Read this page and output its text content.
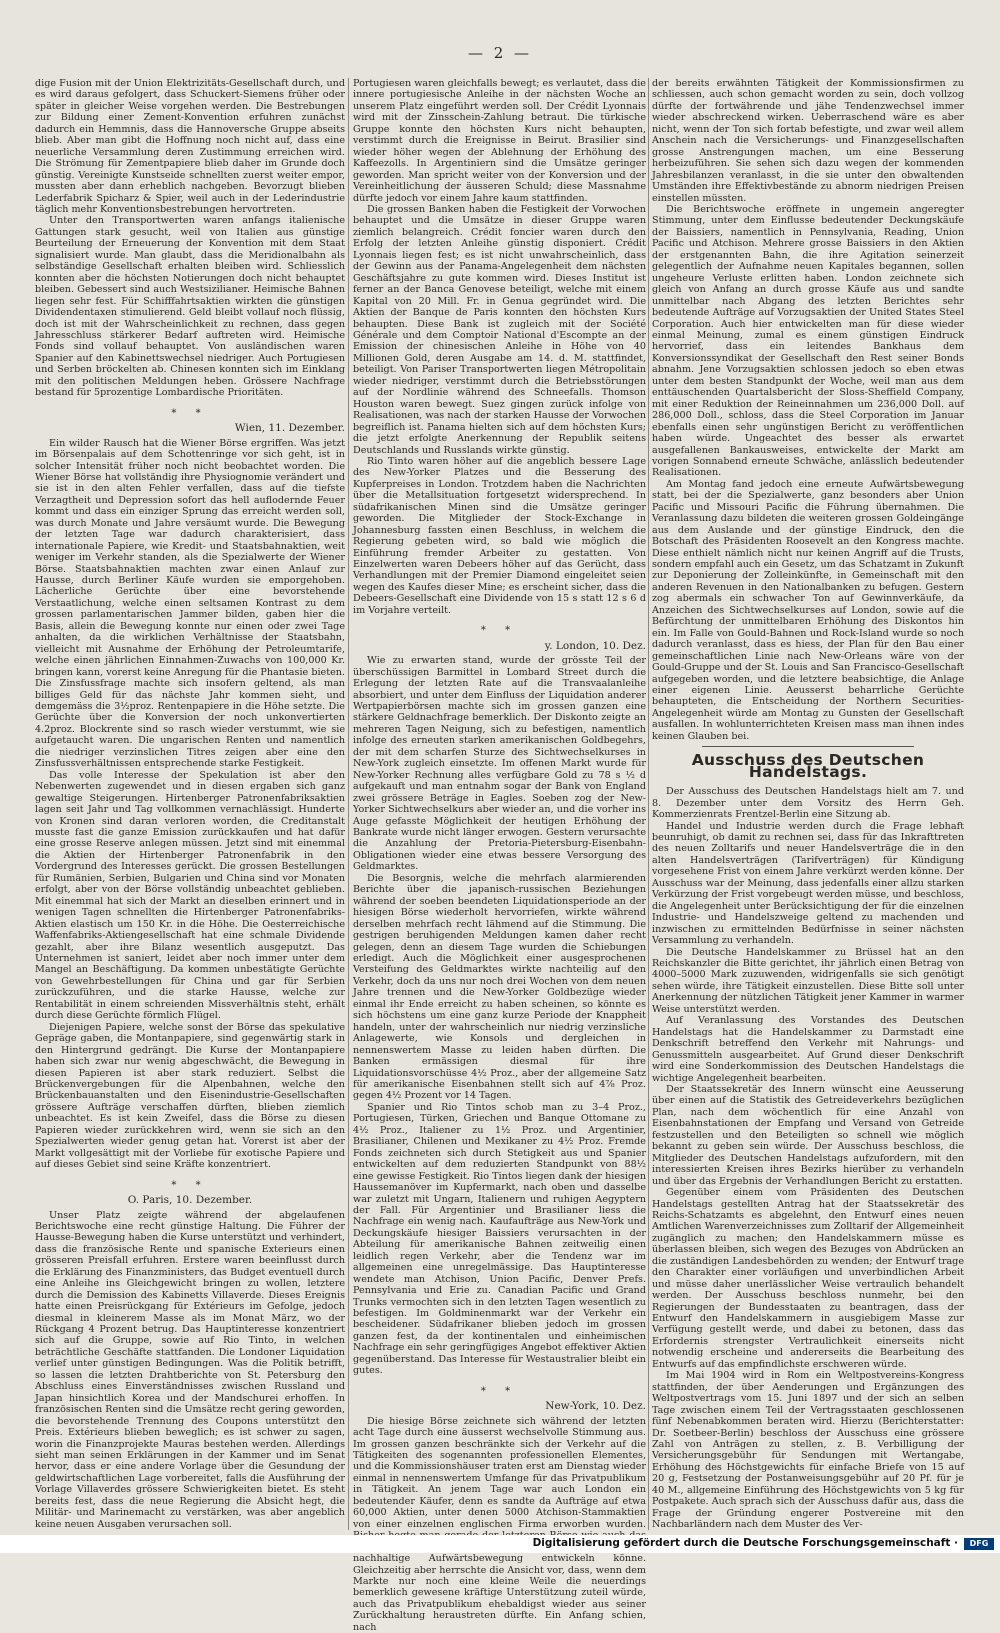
— 2 —

dige Fusion mit der Union Elektrizitäts-Gesellschaft durch, und es wird daraus gefolgert, dass Schuckert-Siemens früher oder später in gleicher Weise vorgehen werden. Die Bestrebungen zur Bildung einer Zement-Konvention erfuhren zunächst dadurch ein Hemmnis, dass die Hannoversche Gruppe abseits blieb. Aber man gibt die Hoffnung noch nicht auf, dass eine neuerliche Versammlung deren Zustimmung erreichen wird. Die Strömung für Zementpapiere blieb daher im Grunde doch günstig. Vereinigte Kunstseide schnellten zuerst weiter empor, mussten aber dann erheblich nachgeben. Bevorzugt blieben Lederfabrik Spicharz & Spier, weil auch in der Lederindustrie täglich mehr Konventionsbestrebungen hervortreten.

Unter den Transportwerten waren anfangs italienische Gattungen stark gesucht, weil von Italien aus günstige Beurteilung der Erneuerung der Konvention mit dem Staat signalisiert wurde. Man glaubt, dass die Meridionalbahn als selbständige Gesellschaft erhalten bleiben wird. Schliesslich konnten aber die höchsten Notierungen doch nicht behauptet bleiben. Gebessert sind auch Westsizilianer. Heimische Bahnen liegen sehr fest. Für Schifffahrtsaktien wirkten die günstigen Dividendentaxen stimulierend. Geld bleibt vollauf noch flüssig, doch ist mit der Wahrscheinlichkeit zu rechnen, dass gegen Jahresschluss stärkerer Bedarf auftreten wird. Heimische Fonds sind vollauf behauptet. Von ausländischen waren Spanier auf den Kabinettswechsel niedriger. Auch Portugiesen und Serben bröckelten ab. Chinesen konnten sich im Einklang mit den politischen Meldungen heben. Grössere Nachfrage bestand für 5prozentige Lombardische Prioritäten.

* *
Wien, 11. Dezember.

Ein wilder Rausch hat die Wiener Börse ergriffen. Was jetzt im Börsenpalais auf dem Schottenringe vor sich geht, ist in solcher Intensität früher noch nicht beobachtet worden. Die Wiener Börse hat vollständig ihre Physiognomie verändert und sie ist in den alten Fehler verfallen, dass auf die tiefste Verzagtheit und Depression sofort das hell auflodernde Feuer kommt und dass ein einziger Sprung das erreicht werden soll, was durch Monate und Jahre versäumt wurde. Die Bewegung der letzten Tage war dadurch charakterisiert, dass internationale Papiere, wie Kredit- und Staatsbahnaktien, weit weniger im Verkehr standen, als die Spezialwerte der Wiener Börse. Staatsbahnaktien machten zwar einen Anlauf zur Hausse, durch Berliner Käufe wurden sie emporgehoben. Lächerliche Gerüchte über eine bevorstehende Verstaatlichung, welche einen seltsamen Kontrast zu dem grossen parlamentarischen Jammer bilden, gaben hier die Basis, allein die Bewegung konnte nur einen oder zwei Tage anhalten, da die wirklichen Verhältnisse der Staatsbahn, vielleicht mit Ausnahme der Erhöhung der Petroleumtarife, welche einen jährlichen Einnahmen-Zuwachs von 100,000 Kr. bringen kann, vorerst keine Anregung für die Phantasie bieten. Die Zinsfussfrage machte sich insofern geltend, als man billiges Geld für das nächste Jahr kommen sieht, und demgemäss die 3½proz. Rentenpapiere in die Höhe setzte. Die Gerüchte über die Konversion der noch unkonvertierten 4.2proz. Blockrente sind so rasch wieder verstummt, wie sie aufgetaucht waren. Die ungarischen Renten und namentlich die niedriger verzinslichen Titres zeigen aber eine den Zinsfussverhältnissen entsprechende starke Festigkeit.

Das volle Interesse der Spekulation ist aber den Nebenwerten zugewendet und in diesen ergaben sich ganz gewaltige Steigerungen. Hirtenberger Patronenfabriksaktien lagen seit Jahr und Tag vollkommen vernachlässigt. Hunderte von Kronen sind daran verloren worden, die Creditanstalt musste fast die ganze Emission zurückkaufen und hat dafür eine grosse Reserve anlegen müssen. Jetzt sind mit einemmal die Aktien der Hirtenberger Patronenfabrik in den Vordergrund des Interesses gerückt. Die grossen Bestellungen für Rumänien, Serbien, Bulgarien und China sind vor Monaten erfolgt, aber von der Börse vollständig unbeachtet geblieben. Mit einemmal hat sich der Markt an dieselben erinnert und in wenigen Tagen schnellten die Hirtenberger Patronenfabriks-Aktien elastisch um 150 Kr. in die Höhe. Die Oesterreichische Waffenfabriks-Aktiengesellschaft hat eine schmale Dividende gezahlt, aber ihre Bilanz wesentlich ausgeputzt. Das Unternehmen ist saniert, leidet aber noch immer unter dem Mangel an Beschäftigung. Da kommen unbestätigte Gerüchte von Gewehrbestellungen für China und gar für Serbien zurückzuführen, und die starke Hausse, welche zur Rentabilität in einem schreienden Missverhältnis steht, erhält durch diese Gerüchte förmlich Flügel.

Diejenigen Papiere, welche sonst der Börse das spekulative Gepräge gaben, die Montanpapiere, sind gegenwärtig stark in den Hintergrund gedrängt. Die Kurse der Montanpapiere haben sich zwar nur wenig abgeschwächt, die Bewegung in diesen Papieren ist aber stark reduziert. Selbst die Brückenvergebungen für die Alpenbahnen, welche den Brückenbauanstalten und den Eisenindustrie-Gesellschaften grössere Aufträge verschaffen dürften, blieben ziemlich unbeachtet. Es ist kein Zweifel, dass die Börse zu diesen Papieren wieder zurückkehren wird, wenn sie sich an den Spezialwerten wieder genug getan hat. Vorerst ist aber der Markt vollgesättigt mit der Vorliebe für exotische Papiere und auf dieses Gebiet sind seine Kräfte konzentriert.

* *
O. Paris, 10. Dezember.

Unser Platz zeigte während der abgelaufenen Berichtswoche eine recht günstige Haltung. Die Führer der Hausse-Bewegung haben die Kurse unterstützt und verhindert, dass die französische Rente und spanische Exterieurs einen grösseren Preisfall erfuhren. Erstere waren beeinflusst durch die Erklärung des Finanzministers, das Budget eventuell durch eine Anleihe ins Gleichgewicht bringen zu wollen, letztere durch die Demission des Kabinetts Villaverde. Dieses Ereignis hatte einen Preisrückgang für Extérieurs im Gefolge, jedoch diesmal in kleinerem Masse als im Monat März, wo der Rückgang 4 Prozent betrug. Das Hauptinteresse konzentriert sich auf die Gruppe, sowie auf Rio Tinto, in welchen beträchtliche Geschäfte stattfanden. Die Londoner Liquidation verlief unter günstigen Bedingungen. Was die Politik betrifft, so lassen die letzten Drahtberichte von St. Petersburg den Abschluss eines Einverständnisses zwischen Russland und Japan hinsichtlich Korea und der Mandschurei erhoffen. In französischen Renten sind die Umsätze recht gering geworden, die bevorstehende Trennung des Coupons unterstützt den Preis. Extérieurs blieben beweglich; es ist schwer zu sagen, worin die Finanzprojekte Mauras bestehen werden. Allerdings sieht man seinen Erklärungen in der Kammer und im Senat hervor, dass er eine andere Vorlage über die Gesundung der geldwirtschaftlichen Lage vorbereitet, falls die Ausführung der Vorlage Villaverdes grössere Schwierigkeiten bietet. Es steht bereits fest, dass die neue Regierung die Absicht hegt, die Militär- und Marinemacht zu verstärken, was aber angeblich keine neuen Ausgaben verursachen soll.

Portugiesen waren gleichfalls bewegt; es verlautet, dass die innere portugiesische Anleihe in der nächsten Woche an unserem Platz eingeführt werden soll. Der Crédit Lyonnais wird mit der Zinsschein-Zahlung betraut. Die türkische Gruppe konnte den höchsten Kurs nicht behaupten, verstimmt durch die Ereignisse in Beirut. Brasilier sind wieder höher wegen der Ablehnung der Erhöhung des Kaffeezolls. In Argentiniern sind die Umsätze geringer geworden. Man spricht weiter von der Konversion und der Vereinheitlichung der äusseren Schuld; diese Massnahme dürfte jedoch vor einem Jahre kaum stattfinden.

Die grossen Banken haben die Festigkeit der Vorwochen behauptet und die Umsätze in dieser Gruppe waren ziemlich belangreich. Crédit foncier waren durch den Erfolg der letzten Anleihe günstig disponiert. Crédit Lyonnais liegen fest; es ist nicht unwahrscheinlich, dass der Gewinn aus der Panama-Angelegenheit dem nächsten Geschäftsjahre zu gute kommen wird. Dieses Institut ist ferner an der Banca Genovese beteiligt, welche mit einem Kapital von 20 Mill. Fr. in Genua gegründet wird. Die Aktien der Banque de Paris konnten den höchsten Kurs behaupten. Diese Bank ist zugleich mit der Société Générale und dem Comptoir National d'Escompte an der Emission der chinesischen Anleihe in Höhe von 40 Millionen Gold, deren Ausgabe am 14. d. M. stattfindet, beteiligt. Von Pariser Transportwerten liegen Métropolitain wieder niedriger, verstimmt durch die Betriebsstörungen auf der Nordlinie während des Schneefalls. Thomson Houston waren bewegt. Suez gingen zurück infolge von Realisationen, was nach der starken Hausse der Vorwochen begreiflich ist. Panama hielten sich auf dem höchsten Kurs; die jetzt erfolgte Anerkennung der Republik seitens Deutschlands und Russlands wirkte günstig.

Rio Tinto waren höher auf die angeblich bessere Lage des New-Yorker Platzes und die Besserung des Kupferpreises in London. Trotzdem haben die Nachrichten über die Metallsituation fortgesetzt widersprechend. In südafrikanischen Minen sind die Umsätze geringer geworden. Die Mitglieder der Stock-Exchange in Johannesburg fassten einen Beschluss, in welchem die Regierung gebeten wird, so bald wie möglich die Einführung fremder Arbeiter zu gestatten. Von Einzelwerten waren Debeers höher auf das Gerücht, dass Verhandlungen mit der Premier Diamond eingeleitet seien wegen des Kaufes dieser Mine; es erscheint sicher, dass die Debeers-Gesellschaft eine Dividende von 15 s statt 12 s 6 d im Vorjahre verteilt.

* *
y. London, 10. Dez.

Wie zu erwarten stand, wurde der grösste Teil der überschüssigen Barmittel in Lombard Street durch die Erlegung der letzten Rate auf die Transvaalanleihe absorbiert, und unter dem Einfluss der Liquidation anderer Wertpapierbörsen machte sich im grossen ganzen eine stärkere Geldnachfrage bemerklich. Der Diskonto zeigte an mehreren Tagen Neigung, sich zu befestigen, namentlich infolge des erneuten starken amerikanischen Goldbegehrs, der mit dem scharfen Sturze des Sichtwechselkurses in New-York zugleich einsetzte. Im offenen Markt wurde für New-Yorker Rechnung alles verfügbare Gold zu 78 s ½ d aufgekauft und man entnahm sogar der Bank von England zwei grössere Beträge in Eagles. Soeben zog der New-Yorker Sichtwechselkurs aber wieder an, und die vorher ins Auge gefasste Möglichkeit der heutigen Erhöhung der Bankrate wurde nicht länger erwogen. Gestern verursachte die Anzahlung der Pretoria-Pietersburg-Eisenbahn-Obligationen wieder eine etwas bessere Versorgung des Geldmarktes.

Die Besorgnis, welche die mehrfach alarmierenden Berichte über die japanisch-russischen Beziehungen während der soeben beendeten Liquidationsperiode an der hiesigen Börse wiederholt hervorriefen, wirkte während derselben mehrfach recht lähmend auf die Stimmung. Die gestrigen beruhigenden Meldungen kamen daher recht gelegen, denn an diesem Tage wurden die Schiebungen erledigt. Auch die Möglichkeit einer ausgesprochenen Versteifung des Geldmarktes wirkte nachteilig auf den Verkehr, doch da uns nur noch drei Wochen von dem neuen Jahre trennen und die New-Yorker Goldbezüge wieder einmal ihr Ende erreicht zu haben scheinen, so könnte es sich höchstens um eine ganz kurze Periode der Knappheit handeln, unter der wahrscheinlich nur niedrig verzinsliche Anlagewerte, wie Konsols und dergleichen in nennenswertem Masse zu leiden haben dürften. Die Banken ermässigen diesmal für ihre Liquidationsvorschüsse 4½ Proz., aber der allgemeine Satz für amerikanische Eisenbahnen stellt sich auf 4⅞ Proz. gegen 4½ Prozent vor 14 Tagen.

Spanier und Rio Tintos schob man zu 3–4 Proz., Portugiesen, Türken, Griechen und Banque Ottomane zu 4½ Proz., Italiener zu 1½ Proz. und Argentinier, Brasilianer, Chilenen und Mexikaner zu 4½ Proz. Fremde Fonds zeichneten sich durch Stetigkeit aus und Spanier entwickelten auf dem reduzierten Standpunkt von 88½ eine gewisse Festigkeit. Rio Tintos liegen dank der hiesigen Haussemanöver im Kupfermarkt, nach oben und dasselbe war zuletzt mit Ungarn, Italienern und ruhigen Aegyptern der Fall. Für Argentinier und Brasilianer liess die Nachfrage ein wenig nach. Kaufaufträge aus New-York und Deckungskäufe hiesiger Baissiers verursachten in der Abteilung für amerikanische Bahnen zeitweilig einen leidlich regen Verkehr, aber die Tendenz war im allgemeinen eine unregelmässige. Das Hauptinteresse wendete man Atchison, Union Pacific, Denver Prefs. Pennsylvania und Erie zu. Canadian Pacific und Grand Trunks vermochten sich in den letzten Tagen wesentlich zu befestigen. Im Goldminenmarkt war der Verkehr ein bescheidener. Südafrikaner blieben jedoch im grossen ganzen fest, da der kontinentalen und einheimischen Nachfrage ein sehr geringfügiges Angebot effektiver Aktien gegenüberstand. Das Interesse für Westaustralier bleibt ein gutes.

* *
New-York, 10. Dez.

Die hiesige Börse zeichnete sich während der letzten acht Tage durch eine äusserst wechselvolle Stimmung aus. Im grossen ganzen beschränkte sich der Verkehr auf die Tätigkeiten des sogenannten professionellen Elementes, und die Kommissionshäuser traten erst am Dienstag wieder einmal in nennenswertem Umfange für das Privatpublikum in Tätigkeit. An jenem Tage war auch London ein bedeutender Käufer, denn es sandte da Aufträge auf etwa 60,000 Aktien, unter denen 5000 Atchison-Stammaktien von einer einzelnen englischen Firma erworben wurden. nachhaltige Aufwärtsbewegung entwickeln könne. Gleichzeitig aber herrschte die Ansicht vor, dass, wenn dem Markte nur noch eine kleine Weile die neuerdings bemerklich gewesene kräftige Unterstützung zuteil würde, auch das Privatpublikum ehebaldigst wieder aus seiner Zurückhaltung heraustreten dürfte. Ein Anfang schien, nach

der bereits erwähnten Tätigkeit der Kommissionsfirmen zu schliessen, auch schon gemacht worden zu sein, doch vollzog dürfte der fortwährende und jähe Tendenzwechsel immer wieder abschreckend wirken. Ueberraschend wäre es aber nicht, wenn der Ton sich fortab befestigte, und zwar weil allem Anschein nach die Versicherungs- und Finanzgesellschaften grosse Anstrengungen machen, um eine Besserung herbeizuführen. Sie sehen sich dazu wegen der kommenden Jahresbilanzen veranlasst, in die sie unter den obwaltenden Umständen ihre Effektivbestände zu abnorm niedrigen Preisen einstellen müssten.

Die Berichtswoche eröffnete in ungemein angeregter Stimmung, unter dem Einflusse bedeutender Deckungskäufe der Baissiers, namentlich in Pennsylvania, Reading, Union Pacific und Atchison. Mehrere grosse Baissiers in den Aktien der erstgenannten Bahn, die ihre Agitation seinerzeit gelegentlich der Aufnahme neuen Kapitales begannen, sollen ungeheure Verluste erlitten haben. London zeichnete sich gleich von Anfang an durch grosse Käufe aus und sandte unmittelbar nach Abgang des letzten Berichtes sehr bedeutende Aufträge auf Vorzugsaktien der United States Steel Corporation. Auch hier entwickelten man für diese wieder einmal Meinung, zumal es einem günstigen Eindruck hervorrief, dass ein leitendes Bankhaus dem Konversionssyndikat der Gesellschaft den Rest seiner Bonds abnahm. Jene Vorzugsaktien schlossen jedoch so eben etwas unter dem besten Standpunkt der Woche, weil man aus dem enttäuschenden Quartalsbericht der Sloss-Sheffield Company, mit einer Reduktion der Reineinnahmen um 236,000 Doll. auf 286,000 Doll., schloss, dass die Steel Corporation im Januar ebenfalls einen sehr ungünstigen Bericht zu veröffentlichen haben würde. Ungeachtet des besser als erwartet ausgefallenen Bankausweises, entwickelte der Markt am vorigen Sonnabend erneute Schwäche, anlässlich bedeutender Realisationen.

Am Montag fand jedoch eine erneute Aufwärtsbewegung statt, bei der die Spezialwerte, ganz besonders aber Union Pacific und Missouri Pacific die Führung übernahmen. Die Veranlassung dazu bildeten die weiteren grossen Goldeingänge aus dem Auslande und der günstige Eindruck, den die Botschaft des Präsidenten Roosevelt an den Kongress machte. Diese enthielt nämlich nicht nur keinen Angriff auf die Trusts, sondern empfahl auch ein Gesetz, um das Schatzamt in Zukunft zur Deponierung der Zolleinkünfte, in Gemeinschaft mit den anderen Revenuen in den Nationalbanken zu befugen. Gestern zog abermals ein schwacher Ton auf Gewinnverkäufe, da Anzeichen des Sichtwechselkurses auf London, sowie auf die Befürchtung der unmittelbaren Erhöhung des Diskontos hin ein. Im Falle von Gould-Bahnen und Rock-Island wurde so noch dadurch veranlasst, dass es hiess, der Plan für den Bau einer gemeinschaftlichen Linie nach New-Orleans wäre von der Gould-Gruppe und der St. Louis and San Francisco-Gesellschaft aufgegeben worden, und die letztere beabsichtige, die Anlage einer eigenen Linie. Aeusserst beharrliche Gerüchte behaupteten, die Entscheidung der Northern Securities-Angelegenheit würde am Montag zu Gunsten der Gesellschaft ausfallen. In wohlunterrichteten Kreisen mass man ihnen indes keinen Glauben bei.

Ausschuss des Deutschen Handelstags.

Der Ausschuss des Deutschen Handelstags hielt am 7. und 8. Dezember unter dem Vorsitz des Herrn Geh. Kommerzienrats Frentzel-Berlin eine Sitzung ab.

Handel und Industrie werden durch die Frage lebhaft beunruhigt, ob damit zu rechnen sei, dass für das Inkrafttreten des neuen Zolltarifs und neuer Handelsverträge die in den alten Handelsverträgen (Tarifverträgen) für Kündigung vorgesehene Frist von einem Jahre verkürzt werden könne. Der Ausschuss war der Meinung, dass jedenfalls einer allzu starken Verkürzung der Frist vorgebeugt werden müsse, und beschloss, die Angelegenheit unter Berücksichtigung der für die einzelnen Industrie- und Handelszweige geltend zu machenden und inzwischen zu ermittelnden Bedürfnisse in seiner nächsten Versammlung zu verhandeln.

Die Deutsche Handelskammer zu Brüssel hat an den Reichskanzler die Bitte gerichtet, ihr jährlich einen Betrag von 4000–5000 Mark zuzuwenden, widrigenfalls sie sich genötigt sehen würde, ihre Tätigkeit einzustellen. Diese Bitte soll unter Anerkennung der nützlichen Tätigkeit jener Kammer in warmer Weise unterstützt werden.

Auf Veranlassung des Vorstandes des Deutschen Handelstags hat die Handelskammer zu Darmstadt eine Denkschrift betreffend den Verkehr mit Nahrungs- und Genussmitteln ausgearbeitet. Auf Grund dieser Denkschrift wird eine Sonderkommission des Deutschen Handelstags die wichtige Angelegenheit bearbeiten.

Der Staatssekretär des Innern wünscht eine Aeusserung über einen auf die Statistik des Getreideverkehrs bezüglichen Plan, nach dem wöchentlich für eine Anzahl von Eisenbahnstationen der Empfang und Versand von Getreide festzustellen und den Beteiligten so schnell wie möglich bekannt zu geben sein würde. Der Ausschuss beschloss, die Mitglieder des Deutschen Handelstags aufzufordern, mit den interessierten Kreisen ihres Bezirks hierüber zu verhandeln und über das Ergebnis der Verhandlungen Bericht zu erstatten.

Gegenüber einem vom Präsidenten des Deutschen Handelstags gestellten Antrag hat der Staatssekretär des Reichs-Schatzamts es abgelehnt, den Entwurf eines neuen Amtlichen Warenverzeichnisses zum Zolltarif der Allgemeinheit zugänglich zu machen; den Handelskammern müsse es überlassen bleiben, sich wegen des Bezuges von Abdrücken an die zuständigen Landesbehörden zu wenden; der Entwurf trage den Charakter einer vorläufigen und unverbindlichen Arbeit und müsse daher unerlässlicher Weise vertraulich behandelt werden. Der Ausschuss beschloss nunmehr, bei den Regierungen der Bundesstaaten zu beantragen, dass der Entwurf den Handelskammern in ausgiebigem Masse zur Verfügung gestellt werde, und dabei zu betonen, dass das Erfordernis strengster Vertraulichkeit einerseits nicht notwendig erscheine und andererseits die Bearbeitung des Entwurfs auf das empfindlichste erschweren würde.

Im Mai 1904 wird in Rom ein Weltpostvereins-Kongress stattfinden, der über Aenderungen und Ergänzungen des Weltpostvertrags vom 15. Juni 1897 und der sich an selben Tage zwischen einem Teil der Vertragsstaaten geschlossenen fünf Nebenabkommen beraten wird. Hierzu (Berichterstatter: Dr. Soetbeer-Berlin) beschloss der Ausschuss eine grössere Zahl von Anträgen zu stellen, z. B. Verbilligung der Versicherungsgebühr für Sendungen mit Wertangabe, Erhöhung des Höchstgewichts für einfache Briefe von 15 auf 20 g, Festsetzung der Postanweisungsgebühr auf 20 Pf. für je 40 M., allgemeine Einführung des Höchstgewichts von 5 kg für Postpakete. Auch sprach sich der Ausschuss dafür aus, dass die Frage der Gründung engerer Postvereine mit den Nachbarländern nach dem Muster des Ver-

Digitalisierung gefördert durch die Deutsche Forschungsgemeinschaft ·	DFG
